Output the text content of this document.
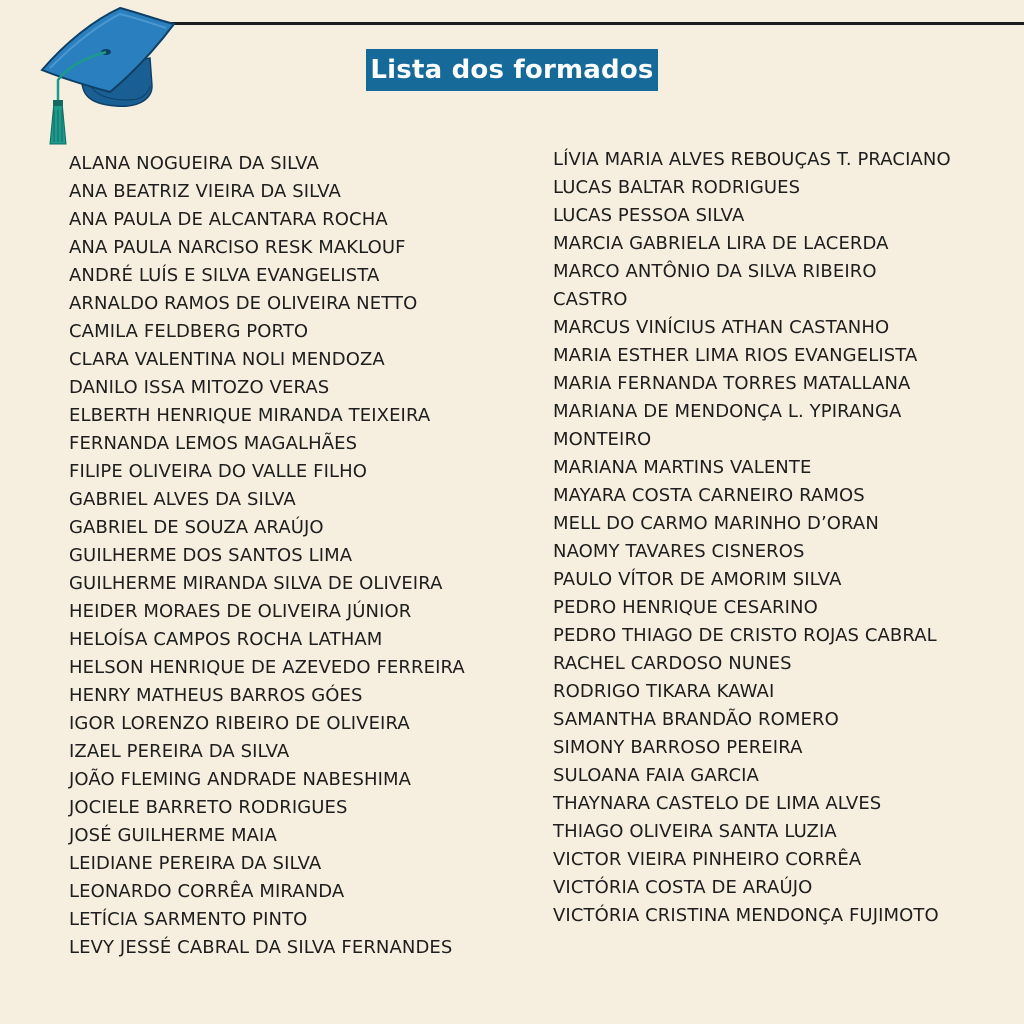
Lista dos formados
ALANA NOGUEIRA DA SILVA
ANA BEATRIZ VIEIRA DA SILVA
ANA PAULA DE ALCANTARA ROCHA
ANA PAULA NARCISO RESK MAKLOUF
ANDRÉ LUÍS E SILVA EVANGELISTA
ARNALDO RAMOS DE OLIVEIRA NETTO
CAMILA FELDBERG PORTO
CLARA VALENTINA NOLI MENDOZA
DANILO ISSA MITOZO VERAS
ELBERTH HENRIQUE MIRANDA TEIXEIRA
FERNANDA LEMOS MAGALHÃES
FILIPE OLIVEIRA DO VALLE FILHO
GABRIEL ALVES DA SILVA
GABRIEL DE SOUZA ARAÚJO
GUILHERME DOS SANTOS LIMA
GUILHERME MIRANDA SILVA DE OLIVEIRA
HEIDER MORAES DE OLIVEIRA JÚNIOR
HELOÍSA CAMPOS ROCHA LATHAM
HELSON HENRIQUE DE AZEVEDO FERREIRA
HENRY MATHEUS BARROS GÓES
IGOR LORENZO RIBEIRO DE OLIVEIRA
IZAEL PEREIRA DA SILVA
JOÃO FLEMING ANDRADE NABESHIMA
JOCIELE BARRETO RODRIGUES
JOSÉ GUILHERME MAIA
LEIDIANE PEREIRA DA SILVA
LEONARDO CORRÊA MIRANDA
LETÍCIA SARMENTO PINTO
LEVY JESSÉ CABRAL DA SILVA FERNANDES
LÍVIA MARIA ALVES REBOUÇAS T. PRACIANO
LUCAS BALTAR RODRIGUES
LUCAS PESSOA SILVA
MARCIA GABRIELA LIRA DE LACERDA
MARCO ANTÔNIO DA SILVA RIBEIRO
CASTRO
MARCUS VINÍCIUS ATHAN CASTANHO
MARIA ESTHER LIMA RIOS EVANGELISTA
MARIA FERNANDA TORRES MATALLANA
MARIANA DE MENDONÇA L. YPIRANGA
MONTEIRO
MARIANA MARTINS VALENTE
MAYARA COSTA CARNEIRO RAMOS
MELL DO CARMO MARINHO D’ORAN
NAOMY TAVARES CISNEROS
PAULO VÍTOR DE AMORIM SILVA
PEDRO HENRIQUE CESARINO
PEDRO THIAGO DE CRISTO ROJAS CABRAL
RACHEL CARDOSO NUNES
RODRIGO TIKARA KAWAI
SAMANTHA BRANDÃO ROMERO
SIMONY BARROSO PEREIRA
SULOANA FAIA GARCIA
THAYNARA CASTELO DE LIMA ALVES
THIAGO OLIVEIRA SANTA LUZIA
VICTOR VIEIRA PINHEIRO CORRÊA
VICTÓRIA COSTA DE ARAÚJO
VICTÓRIA CRISTINA MENDONÇA FUJIMOTO
